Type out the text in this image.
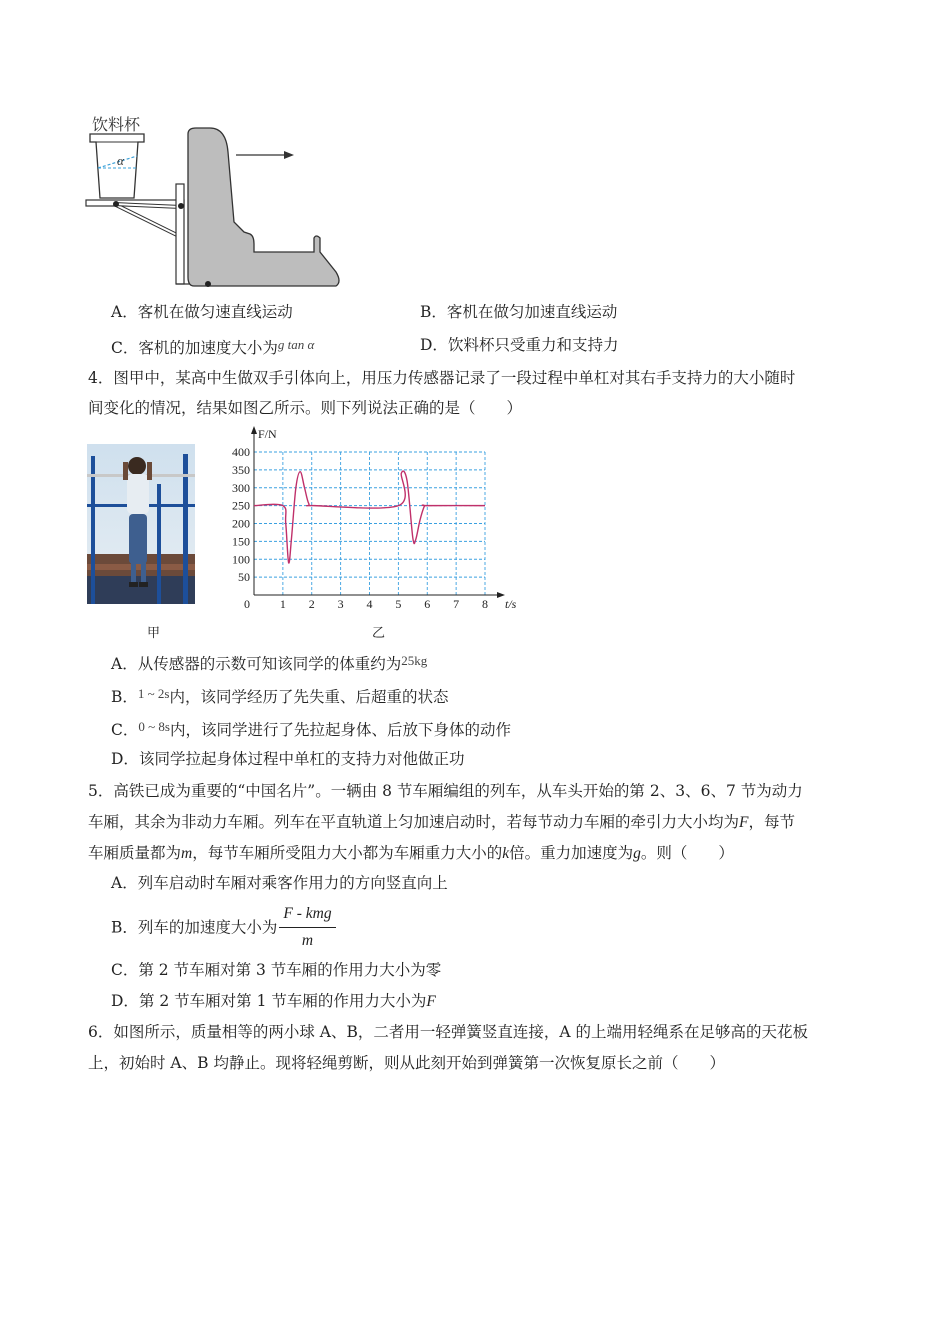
饮料杯
α
A．客机在做匀速直线运动	B．客机在做匀加速直线运动
C．客机的加速度大小为$^{g tan \alpha}$	D．饮料杯只受重力和支持力
4．图甲中，某高中生做双手引体向上，用压力传感器记录了一段过程中单杠对其右手支持力的大小随时
间变化的情况，结果如图乙所示。则下列说法正确的是（　　）
甲
0 1 2 3 4 5 6 7 8
50
100
150
200
250
300
350
400
t/s
F/N
乙
A．从传感器的示数可知该同学的体重约为$^{25kg}$
B．$^{1 \sim 2s}$内，该同学经历了先失重、后超重的状态
C．$^{0 \sim 8s}$内，该同学进行了先拉起身体、后放下身体的动作
D．该同学拉起身体过程中单杠的支持力对他做正功
5．高铁已成为重要的“中国名片”。一辆由 8 节车厢编组的列车，从车头开始的第 2、3、6、7 节为动力
车厢，其余为非动力车厢。列车在平直轨道上匀加速启动时，若每节动力车厢的牵引力大小均为F，每节
车厢质量都为m，每节车厢所受阻力大小都为车厢重力大小的k倍。重力加速度为g。则（　　）
A．列车启动时车厢对乘客作用力的方向竖直向上
B．列车的加速度大小为 $\frac{\text{F - kmg}}{m}$
C．第 2 节车厢对第 3 节车厢的作用力大小为零
D．第 2 节车厢对第 1 节车厢的作用力大小为F
6．如图所示，质量相等的两小球 A、B，二者用一轻弹簧竖直连接，A 的上端用轻绳系在足够高的天花板
上，初始时 A、B 均静止。现将轻绳剪断，则从此刻开始到弹簧第一次恢复原长之前（　　）
